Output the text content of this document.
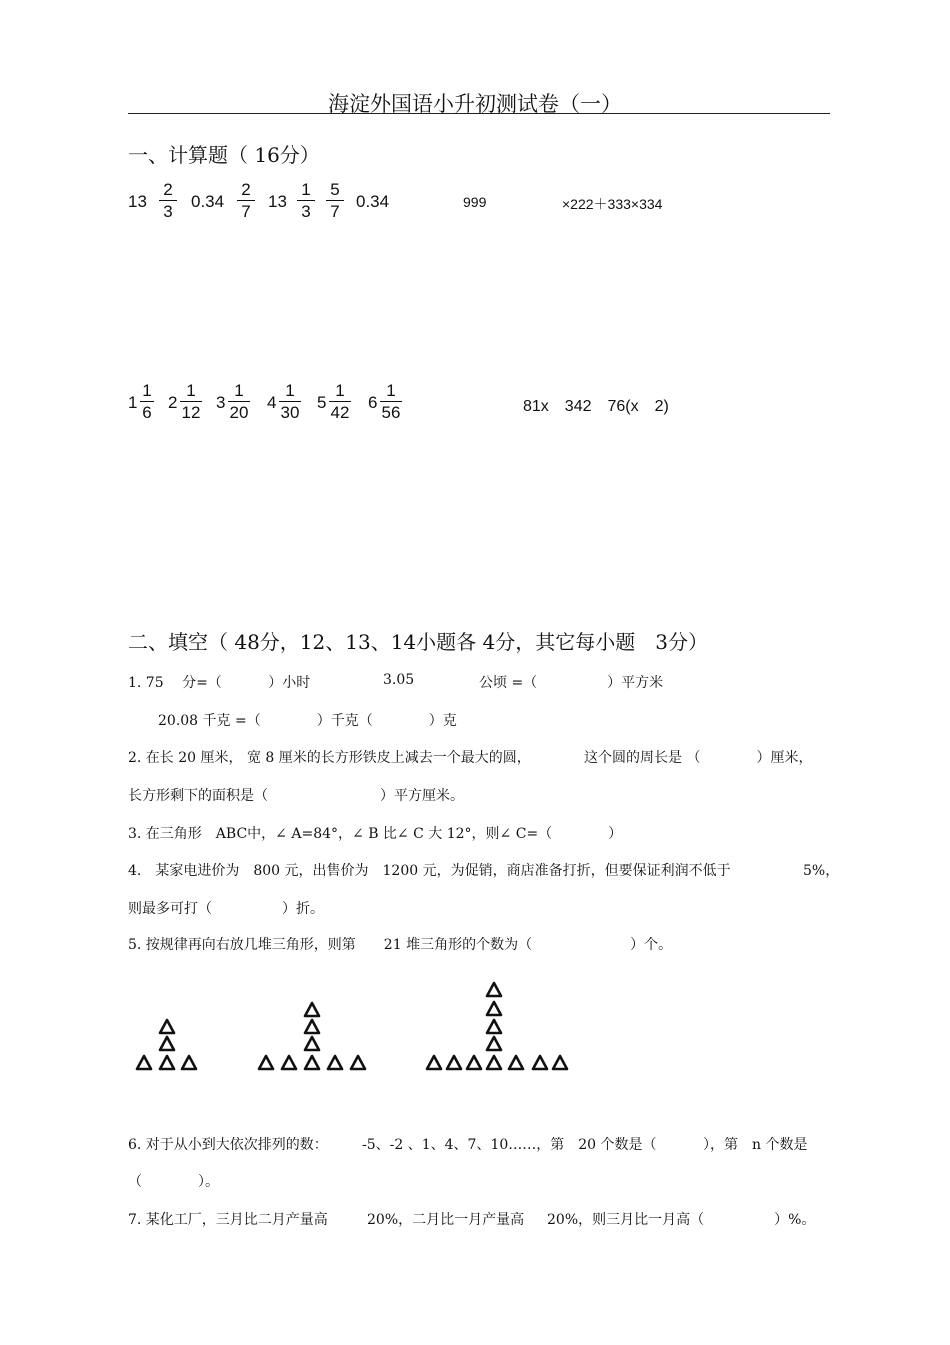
海淀外国语小升初测试卷（一）
一、计算题（ 16分）
13
2
3
0.34
2
7
13
1
3
5
7
0.34	999	×222＋333×334
1
1
6
2
1
12
3
1
20
4
1
30
5
1
42
6
1
56	81x　342　76(x　2)
二、填空（ 48分，12、13、14小题各 4分，其它每小题　3分）
1. 75　 分=（　　　 ）小时	3.05	公顷 =（　　　　　）平方米
20.08 千克 =（　　　　）千克（　　　　）克
2. 在长 20 厘米， 宽 8 厘米的长方形铁皮上减去一个最大的圆，	这个圆的周长是 （　　　　）厘米，
长方形剩下的面积是（　　　　　　　　）平方厘米。
3. 在三角形　ABC中，∠ A=84°，∠ B 比∠ C 大 12°，则∠ C=（　　　　）
4.　某家电进价为　800 元，出售价为　1200 元，为促销，商店准备打折，但要保证利润不低于	5%，
则最多可打（　　　　　）折。
5. 按规律再向右放几堆三角形，则第　　21 堆三角形的个数为（　　　　　　　）个。
6. 对于从小到大依次排列的数： -5、-2 、1、4、7、10……，第　20 个数是（　　　 ），第　n 个数是
（　　　　）。
7. 某化工厂，三月比二月产量高	20%，二月比一月产量高 20%，则三月比一月高（　　　　　）%。
